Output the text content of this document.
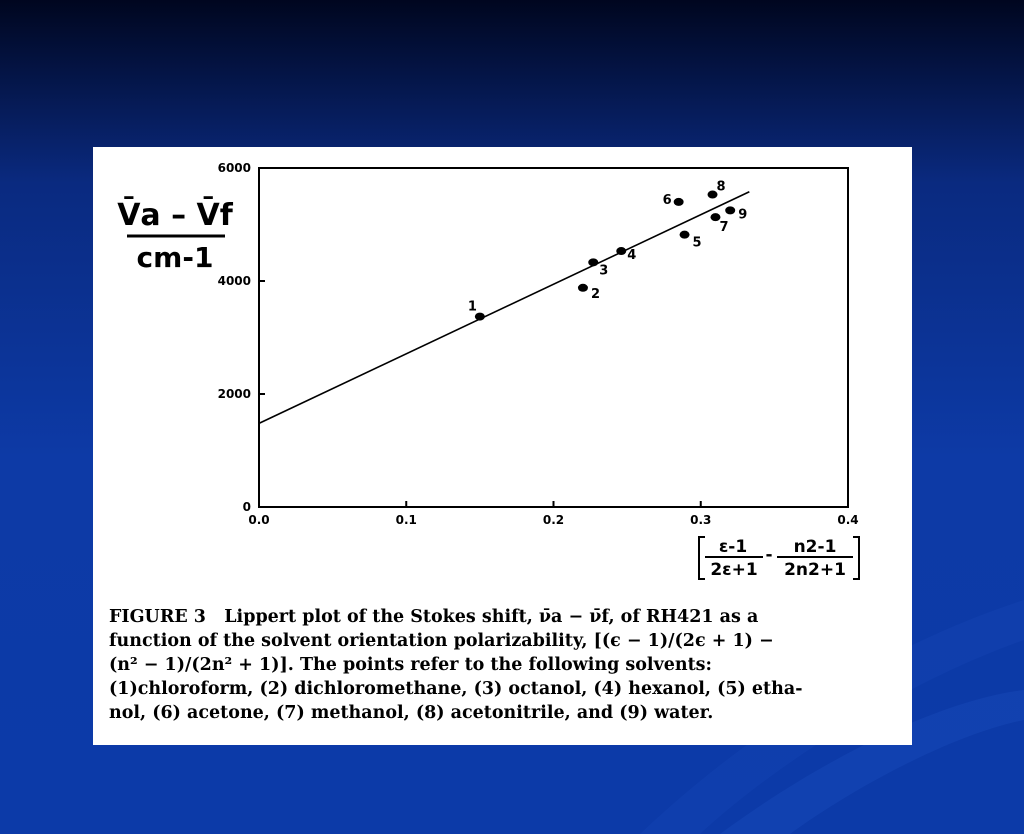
1
2
3
4
5
6
7
8
9
0.0	0.1	0.2	0.3	0.4
0
2000
4000
6000
V̄a – V̄f
cm-1
ε-1
2ε+1
- n2-1
2n2+1
FIGURE 3 Lippert plot of the Stokes shift, ν̄a − ν̄f, of RH421 as a
function of the solvent orientation polarizability, [(ϵ − 1)/(2ϵ + 1) −
(n² − 1)/(2n² + 1)]. The points refer to the following solvents:
(1)chloroform, (2) dichloromethane, (3) octanol, (4) hexanol, (5) etha-
nol, (6) acetone, (7) methanol, (8) acetonitrile, and (9) water.
